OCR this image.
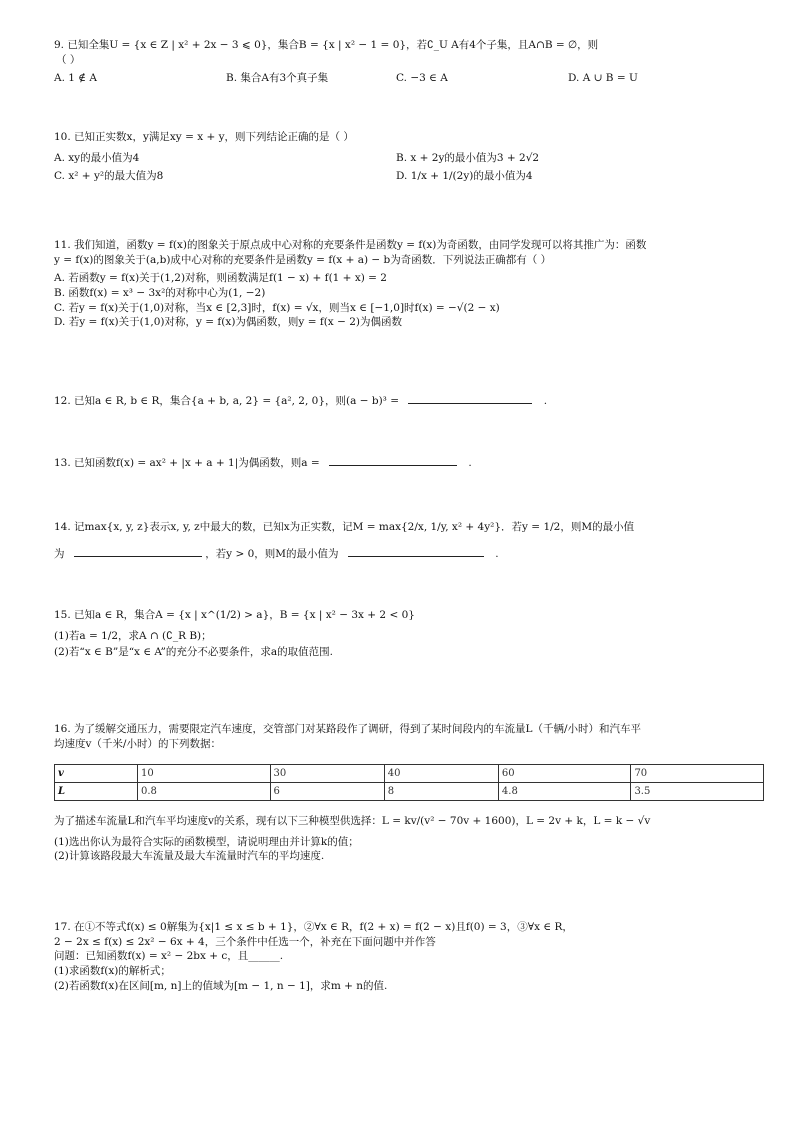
9. 已知全集U = {x ∈ Z | x² + 2x − 3 ⩽ 0}，集合B = {x | x² − 1 = 0}，若∁_U A有4个子集，且A∩B = ∅，则
（ ）
A. 1 ∉ A	B. 集合A有3个真子集	C. −3 ∈ A	D. A ∪ B = U
10. 已知正实数x，y满足xy = x + y，则下列结论正确的是（ ）
A. xy的最小值为4	B. x + 2y的最小值为3 + 2√2
C. x² + y²的最大值为8	D. 1/x + 1/(2y)的最小值为4
11. 我们知道，函数y = f(x)的图象关于原点成中心对称的充要条件是函数y = f(x)为奇函数，由同学发现可以将其推广为：函数
y = f(x)的图象关于(a,b)成中心对称的充要条件是函数y = f(x + a) − b为奇函数．下列说法正确都有（ ）
A. 若函数y = f(x)关于(1,2)对称，则函数满足f(1 − x) + f(1 + x) = 2
B. 函数f(x) = x³ − 3x²的对称中心为(1, −2)
C. 若y = f(x)关于(1,0)对称，当x ∈ [2,3]时，f(x) = √x，则当x ∈ [−1,0]时f(x) = −√(2 − x)
D. 若y = f(x)关于(1,0)对称，y = f(x)为偶函数，则y = f(x − 2)为偶函数
12. 已知a ∈ R, b ∈ R，集合{a + b, a, 2} = {a², 2, 0}，则(a − b)³ =	.
13. 已知函数f(x) = ax² + |x + a + 1|为偶函数，则a =	.
14. 记max{x, y, z}表示x, y, z中最大的数，已知x为正实数，记M = max{2/x, 1/y, x² + 4y²}．若y = 1/2，则M的最小值
为	，若y > 0，则M的最小值为	.
15. 已知a ∈ R，集合A = {x | x^(1/2) > a}，B = {x | x² − 3x + 2 < 0}
(1)若a = 1/2，求A ∩ (∁_R B)；
(2)若“x ∈ B”是“x ∈ A”的充分不必要条件，求a的取值范围.
16. 为了缓解交通压力，需要限定汽车速度，交管部门对某路段作了调研，得到了某时间段内的车流量L（千辆/小时）和汽车平
均速度v（千米/小时）的下列数据：
v	10	30	40	60	70
L	0.8	6	8	4.8	3.5
为了描述车流量L和汽车平均速度v的关系，现有以下三种模型供选择：L = kv/(v² − 70v + 1600)，L = 2v + k，L = k − √v
(1)选出你认为最符合实际的函数模型，请说明理由并计算k的值；
(2)计算该路段最大车流量及最大车流量时汽车的平均速度.
17. 在①不等式f(x) ≤ 0解集为{x|1 ≤ x ≤ b + 1}，②∀x ∈ R，f(2 + x) = f(2 − x)且f(0) = 3，③∀x ∈ R，
2 − 2x ≤ f(x) ≤ 2x² − 6x + 4，三个条件中任选一个，补充在下面问题中并作答
问题：已知函数f(x) = x² − 2bx + c，且______.
(1)求函数f(x)的解析式；
(2)若函数f(x)在区间[m, n]上的值域为[m − 1, n − 1]，求m + n的值.
